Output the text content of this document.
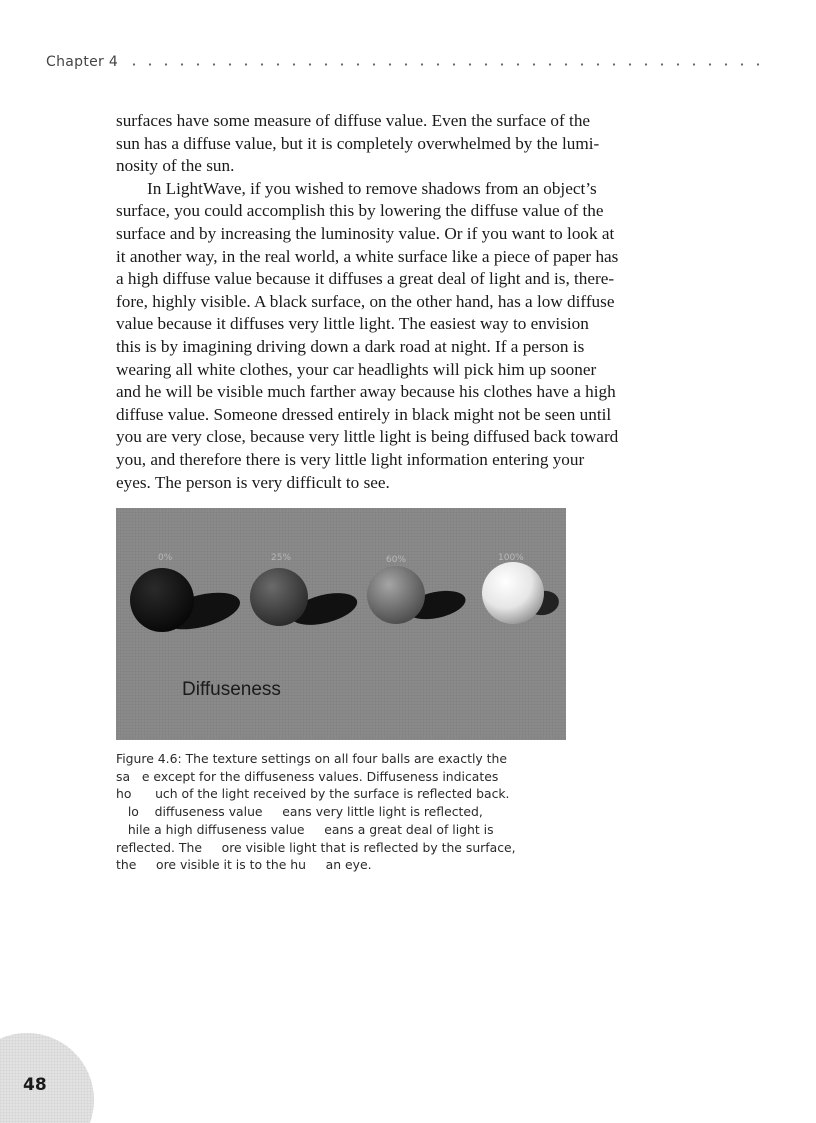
Chapter 4

surfaces have some measure of diffuse value. Even the surface of the
sun has a diffuse value, but it is completely overwhelmed by the lumi-
nosity of the sun.

In LightWave, if you wished to remove shadows from an object’s
surface, you could accomplish this by lowering the diffuse value of the
surface and by increasing the luminosity value. Or if you want to look at
it another way, in the real world, a white surface like a piece of paper has
a high diffuse value because it diffuses a great deal of light and is, there-
fore, highly visible. A black surface, on the other hand, has a low diffuse
value because it diffuses very little light. The easiest way to envision
this is by imagining driving down a dark road at night. If a person is
wearing all white clothes, your car headlights will pick him up sooner
and he will be visible much farther away because his clothes have a high
diffuse value. Someone dressed entirely in black might not be seen until
you are very close, because very little light is being diffused back toward
you, and therefore there is very little light information entering your
eyes. The person is very difficult to see.

0%	25%	60%	100%
Diffuseness
Figure 4.6: The texture settings on all four balls are exactly the
sa   e except for the diffuseness values. Diffuseness indicates
ho      uch of the light received by the surface is reflected back.
lo    diffuseness value     eans very little light is reflected,
hile a high diffuseness value     eans a great deal of light is
reflected. The     ore visible light that is reflected by the surface,
the     ore visible it is to the hu     an eye.
48
